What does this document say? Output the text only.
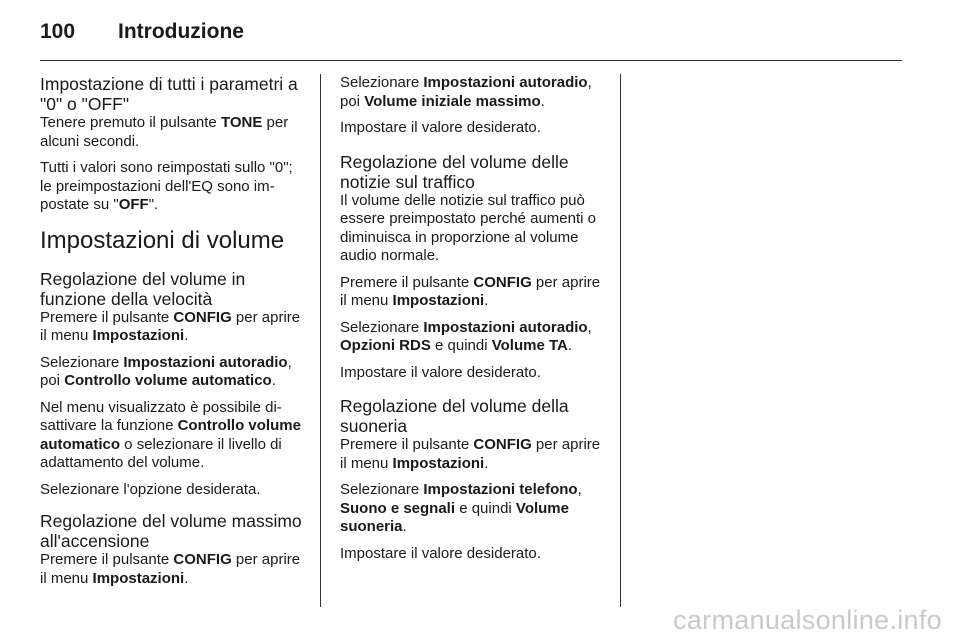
100 Introduzione
Impostazione di tutti i parametri a "0" o "OFF"

Tenere premuto il pulsante TONE per alcuni secondi.

Tutti i valori sono reimpostati sullo "0"; le preimpostazioni dell'EQ sono im‐postate su "OFF".

Impostazioni di volume
Regolazione del volume in funzione della velocità

Premere il pulsante CONFIG per aprire il menu Impostazioni.

Selezionare Impostazioni autoradio, poi Controllo volume automatico.

Nel menu visualizzato è possibile di‐sattivare la funzione Controllo volume automatico o selezionare il livello di adattamento del volume.

Selezionare l'opzione desiderata.

Regolazione del volume massimo all'accensione

Premere il pulsante CONFIG per aprire il menu Impostazioni.

Selezionare Impostazioni autoradio, poi Volume iniziale massimo.

Impostare il valore desiderato.

Regolazione del volume delle notizie sul traffico

Il volume delle notizie sul traffico può essere preimpostato perché aumenti o diminuisca in proporzione al volume audio normale.

Premere il pulsante CONFIG per aprire il menu Impostazioni.

Selezionare Impostazioni autoradio, Opzioni RDS e quindi Volume TA.

Impostare il valore desiderato.

Regolazione del volume della suoneria

Premere il pulsante CONFIG per aprire il menu Impostazioni.

Selezionare Impostazioni telefono, Suono e segnali e quindi Volume suoneria.

Impostare il valore desiderato.

carmanualsonline.info
